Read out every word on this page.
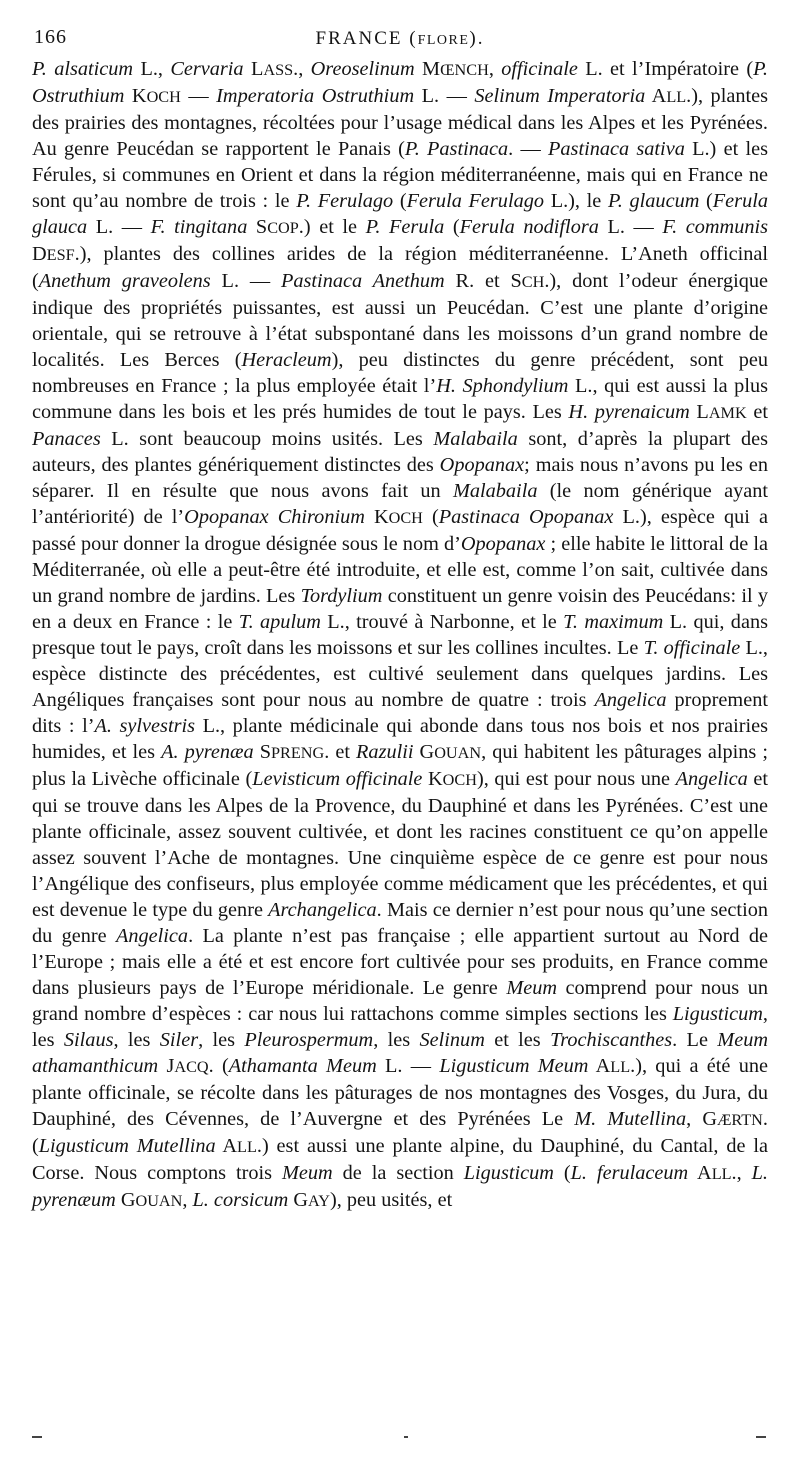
166	FRANCE (FLORE).

P. alsaticum L., Cervaria LASS., Oreoselinum MŒNCH, officinale L. et l’Impératoire (P. Ostruthium KOCH — Imperatoria Ostruthium L. — Selinum Imperatoria ALL.), plantes des prairies des montagnes, récoltées pour l’usage médical dans les Alpes et les Pyrénées. Au genre Peucédan se rapportent le Panais (P. Pastinaca. — Pastinaca sativa L.) et les Férules, si communes en Orient et dans la région méditerranéenne, mais qui en France ne sont qu’au nombre de trois : le P. Ferulago (Ferula Ferulago L.), le P. glaucum (Ferula glauca L. — F. tingitana SCOP.) et le P. Ferula (Ferula nodiflora L. — F. communis DESF.), plantes des collines arides de la région méditerranéenne. L’Aneth officinal (Anethum graveolens L. — Pastinaca Anethum R. et SCH.), dont l’odeur énergique indique des propriétés puissantes, est aussi un Peucédan. C’est une plante d’origine orientale, qui se retrouve à l’état subspontané dans les moissons d’un grand nombre de localités. Les Berces (Heracleum), peu distinctes du genre précédent, sont peu nombreuses en France ; la plus employée était l’H. Sphondylium L., qui est aussi la plus commune dans les bois et les prés humides de tout le pays. Les H. pyrenaicum LAMK et Panaces L. sont beaucoup moins usités. Les Malabaila sont, d’après la plupart des auteurs, des plantes génériquement distinctes des Opopanax; mais nous n’avons pu les en séparer. Il en résulte que nous avons fait un Malabaila (le nom générique ayant l’antériorité) de l’Opopanax Chironium KOCH (Pastinaca Opopanax L.), espèce qui a passé pour donner la drogue désignée sous le nom d’Opopanax ; elle habite le littoral de la Méditerranée, où elle a peut-être été introduite, et elle est, comme l’on sait, cultivée dans un grand nombre de jardins. Les Tordylium constituent un genre voisin des Peucédans: il y en a deux en France : le T. apulum L., trouvé à Narbonne, et le T. maximum L. qui, dans presque tout le pays, croît dans les moissons et sur les collines incultes. Le T. officinale L., espèce distincte des précédentes, est cultivé seulement dans quelques jardins. Les Angéliques françaises sont pour nous au nombre de quatre : trois Angelica proprement dits : l’A. sylvestris L., plante médicinale qui abonde dans tous nos bois et nos prairies humides, et les A. pyrenæa SPRENG. et Razulii GOUAN, qui habitent les pâturages alpins ; plus la Livèche officinale (Levisticum officinale KOCH), qui est pour nous une Angelica et qui se trouve dans les Alpes de la Provence, du Dauphiné et dans les Pyrénées. C’est une plante officinale, assez souvent cultivée, et dont les racines constituent ce qu’on appelle assez souvent l’Ache de montagnes. Une cinquième espèce de ce genre est pour nous l’Angélique des confiseurs, plus employée comme médicament que les précédentes, et qui est devenue le type du genre Archangelica. Mais ce dernier n’est pour nous qu’une section du genre Angelica. La plante n’est pas française ; elle appartient surtout au Nord de l’Europe ; mais elle a été et est encore fort cultivée pour ses produits, en France comme dans plusieurs pays de l’Europe méridionale. Le genre Meum comprend pour nous un grand nombre d’espèces : car nous lui rattachons comme simples sections les Ligusticum, les Silaus, les Siler, les Pleurospermum, les Selinum et les Trochiscanthes. Le Meum athamanthicum JACQ. (Athamanta Meum L. — Ligusticum Meum ALL.), qui a été une plante officinale, se récolte dans les pâturages de nos montagnes des Vosges, du Jura, du Dauphiné, des Cévennes, de l’Auvergne et des Pyrénées Le M. Mutellina, GÆRTN. (Ligusticum Mutellina ALL.) est aussi une plante alpine, du Dauphiné, du Cantal, de la Corse. Nous comptons trois Meum de la section Ligusticum (L. ferulaceum ALL., L. pyrenæum GOUAN, L. corsicum GAY), peu usités, et
